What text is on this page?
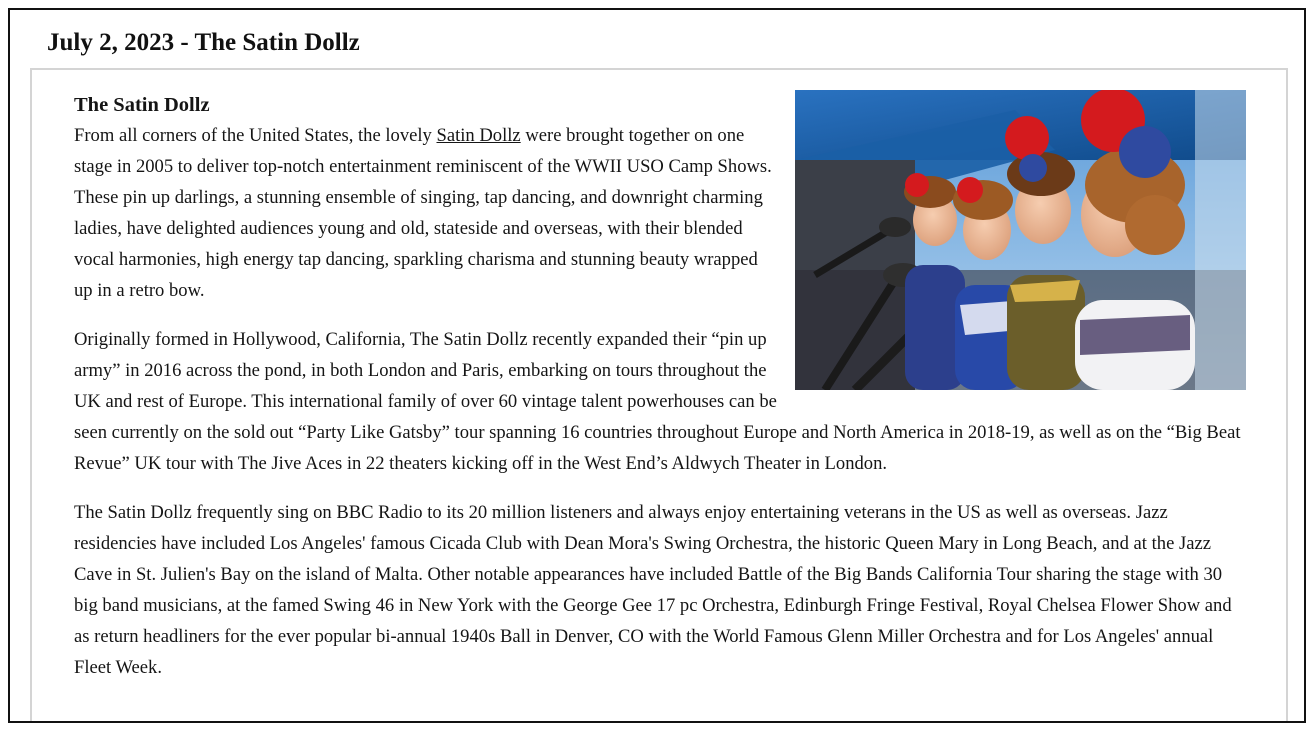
July 2, 2023 - The Satin Dollz
The Satin Dollz

From all corners of the United States, the lovely Satin Dollz were brought together on one stage in 2005 to deliver top-notch entertainment reminiscent of the WWII USO Camp Shows. These pin up darlings, a stunning ensemble of singing, tap dancing, and downright charming ladies, have delighted audiences young and old, stateside and overseas, with their blended vocal harmonies, high energy tap dancing, sparkling charisma and stunning beauty wrapped up in a retro bow.

Originally formed in Hollywood, California, The Satin Dollz recently expanded their “pin up army” in 2016 across the pond, in both London and Paris, embarking on tours throughout the UK and rest of Europe. This international family of over 60 vintage talent powerhouses can be seen currently on the sold out “Party Like Gatsby” tour spanning 16 countries throughout Europe and North America in 2018-19, as well as on the “Big Beat Revue” UK tour with The Jive Aces in 22 theaters kicking off in the West End’s Aldwych Theater in London.

The Satin Dollz frequently sing on BBC Radio to its 20 million listeners and always enjoy entertaining veterans in the US as well as overseas. Jazz residencies have included Los Angeles' famous Cicada Club with Dean Mora's Swing Orchestra, the historic Queen Mary in Long Beach, and at the Jazz Cave in St. Julien's Bay on the island of Malta. Other notable appearances have included Battle of the Big Bands California Tour sharing the stage with 30 big band musicians, at the famed Swing 46 in New York with the George Gee 17 pc Orchestra, Edinburgh Fringe Festival, Royal Chelsea Flower Show and as return headliners for the ever popular bi-annual 1940s Ball in Denver, CO with the World Famous Glenn Miller Orchestra and for Los Angeles' annual Fleet Week.
